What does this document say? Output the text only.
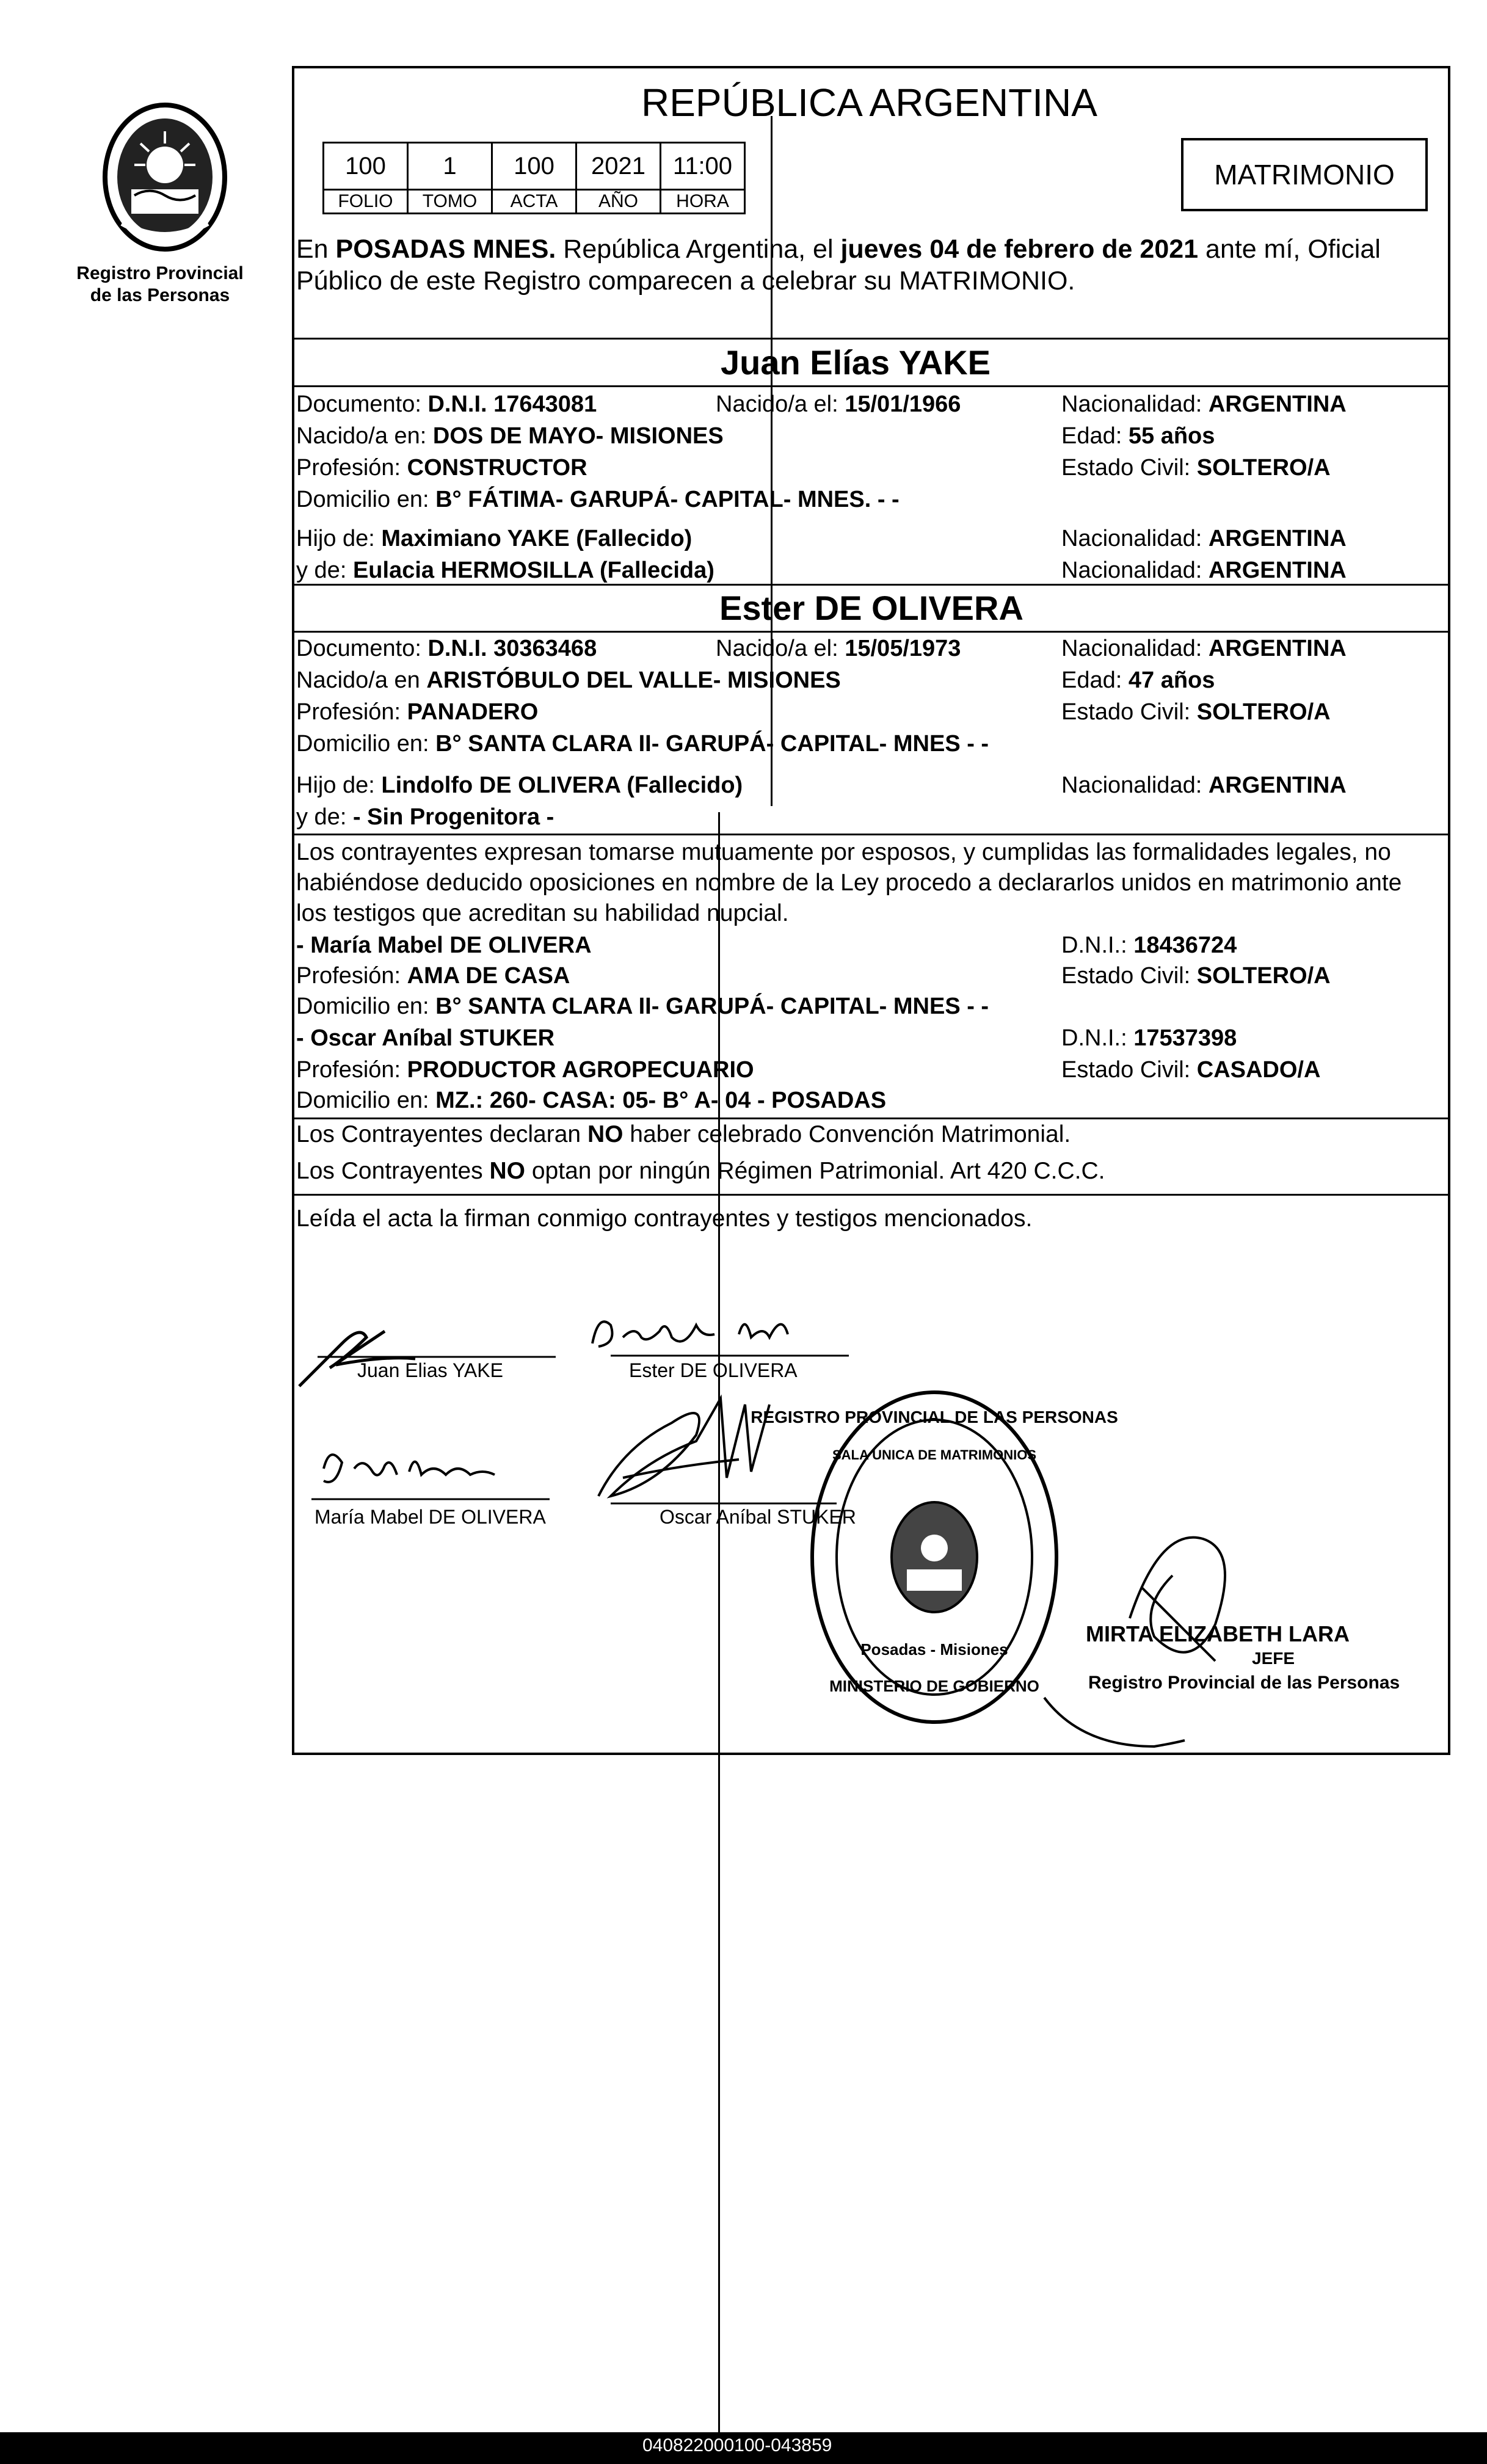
Registro Provincial
de las Personas
REPÚBLICA ARGENTINA
100	1	100	2021	11:00
FOLIO	TOMO	ACTA	AÑO	HORA
MATRIMONIO
En POSADAS MNES. República Argentina, el jueves 04 de febrero de 2021 ante mí, Oficial
Público de este Registro comparecen a celebrar su MATRIMONIO.
Juan Elías YAKE
Documento: D.N.I. 17643081	Nacido/a el: 15/01/1966	Nacionalidad: ARGENTINA
Nacido/a en: DOS DE MAYO- MISIONES	Edad: 55 años
Profesión: CONSTRUCTOR	Estado Civil: SOLTERO/A
Domicilio en: B° FÁTIMA- GARUPÁ- CAPITAL- MNES. - -
Hijo de: Maximiano YAKE (Fallecido)	Nacionalidad: ARGENTINA
y de: Eulacia HERMOSILLA (Fallecida)	Nacionalidad: ARGENTINA
Ester DE OLIVERA
Documento: D.N.I. 30363468	Nacido/a el: 15/05/1973	Nacionalidad: ARGENTINA
Nacido/a en ARISTÓBULO DEL VALLE- MISIONES	Edad: 47 años
Profesión: PANADERO	Estado Civil: SOLTERO/A
Domicilio en: B° SANTA CLARA II- GARUPÁ- CAPITAL- MNES - -
Hijo de: Lindolfo DE OLIVERA (Fallecido)	Nacionalidad: ARGENTINA
y de: - Sin Progenitora -
Los contrayentes expresan tomarse mutuamente por esposos, y cumplidas las formalidades legales, no
habiéndose deducido oposiciones en nombre de la Ley procedo a declararlos unidos en matrimonio ante
los testigos que acreditan su habilidad nupcial.
- María Mabel DE OLIVERA	D.N.I.: 18436724
Profesión: AMA DE CASA	Estado Civil: SOLTERO/A
Domicilio en: B° SANTA CLARA II- GARUPÁ- CAPITAL- MNES - -
- Oscar Aníbal STUKER	D.N.I.: 17537398
Profesión: PRODUCTOR AGROPECUARIO	Estado Civil: CASADO/A
Domicilio en: MZ.: 260- CASA: 05- B° A- 04 - POSADAS
Los Contrayentes declaran NO haber celebrado Convención Matrimonial.
Los Contrayentes NO optan por ningún Régimen Patrimonial. Art 420 C.C.C.
Leída el acta la firman conmigo contrayentes y testigos mencionados.
Juan Elias YAKE	Ester DE OLIVERA
María Mabel DE OLIVERA	Oscar Aníbal STUKER
REGISTRO PROVINCIAL DE LAS PERSONAS
SALA UNICA DE MATRIMONIOS
Posadas - Misiones
MINISTERIO DE GOBIERNO
MIRTA ELIZABETH LARA
JEFE
Registro Provincial de las Personas
040822000100-043859
